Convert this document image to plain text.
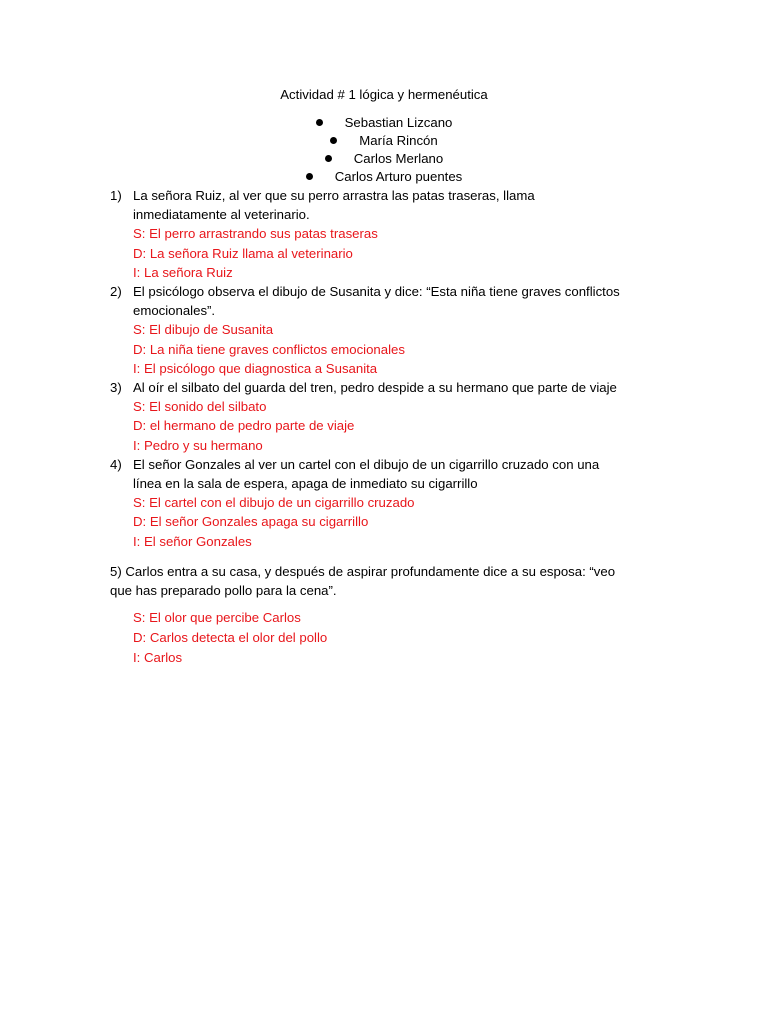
Actividad # 1 lógica y hermenéutica
Sebastian Lizcano
María Rincón
Carlos Merlano
Carlos Arturo puentes
1) La señora Ruiz, al ver que su perro arrastra las patas traseras, llama
inmediatamente al veterinario.
S: El perro arrastrando sus patas traseras
D: La señora Ruiz llama al veterinario
I: La señora Ruiz
2) El psicólogo observa el dibujo de Susanita y dice: “Esta niña tiene graves conflictos
emocionales”.
S: El dibujo de Susanita
D: La niña tiene graves conflictos emocionales
I: El psicólogo que diagnostica a Susanita
3) Al oír el silbato del guarda del tren, pedro despide a su hermano que parte de viaje
S: El sonido del silbato
D: el hermano de pedro parte de viaje
I: Pedro y su hermano
4) El señor Gonzales al ver un cartel con el dibujo de un cigarrillo cruzado con una
línea en la sala de espera, apaga de inmediato su cigarrillo
S: El cartel con el dibujo de un cigarrillo cruzado
D: El señor Gonzales apaga su cigarrillo
I: El señor Gonzales
5) Carlos entra a su casa, y después de aspirar profundamente dice a su esposa: “veo
que has preparado pollo para la cena”.
S: El olor que percibe Carlos
D: Carlos detecta el olor del pollo
I: Carlos
